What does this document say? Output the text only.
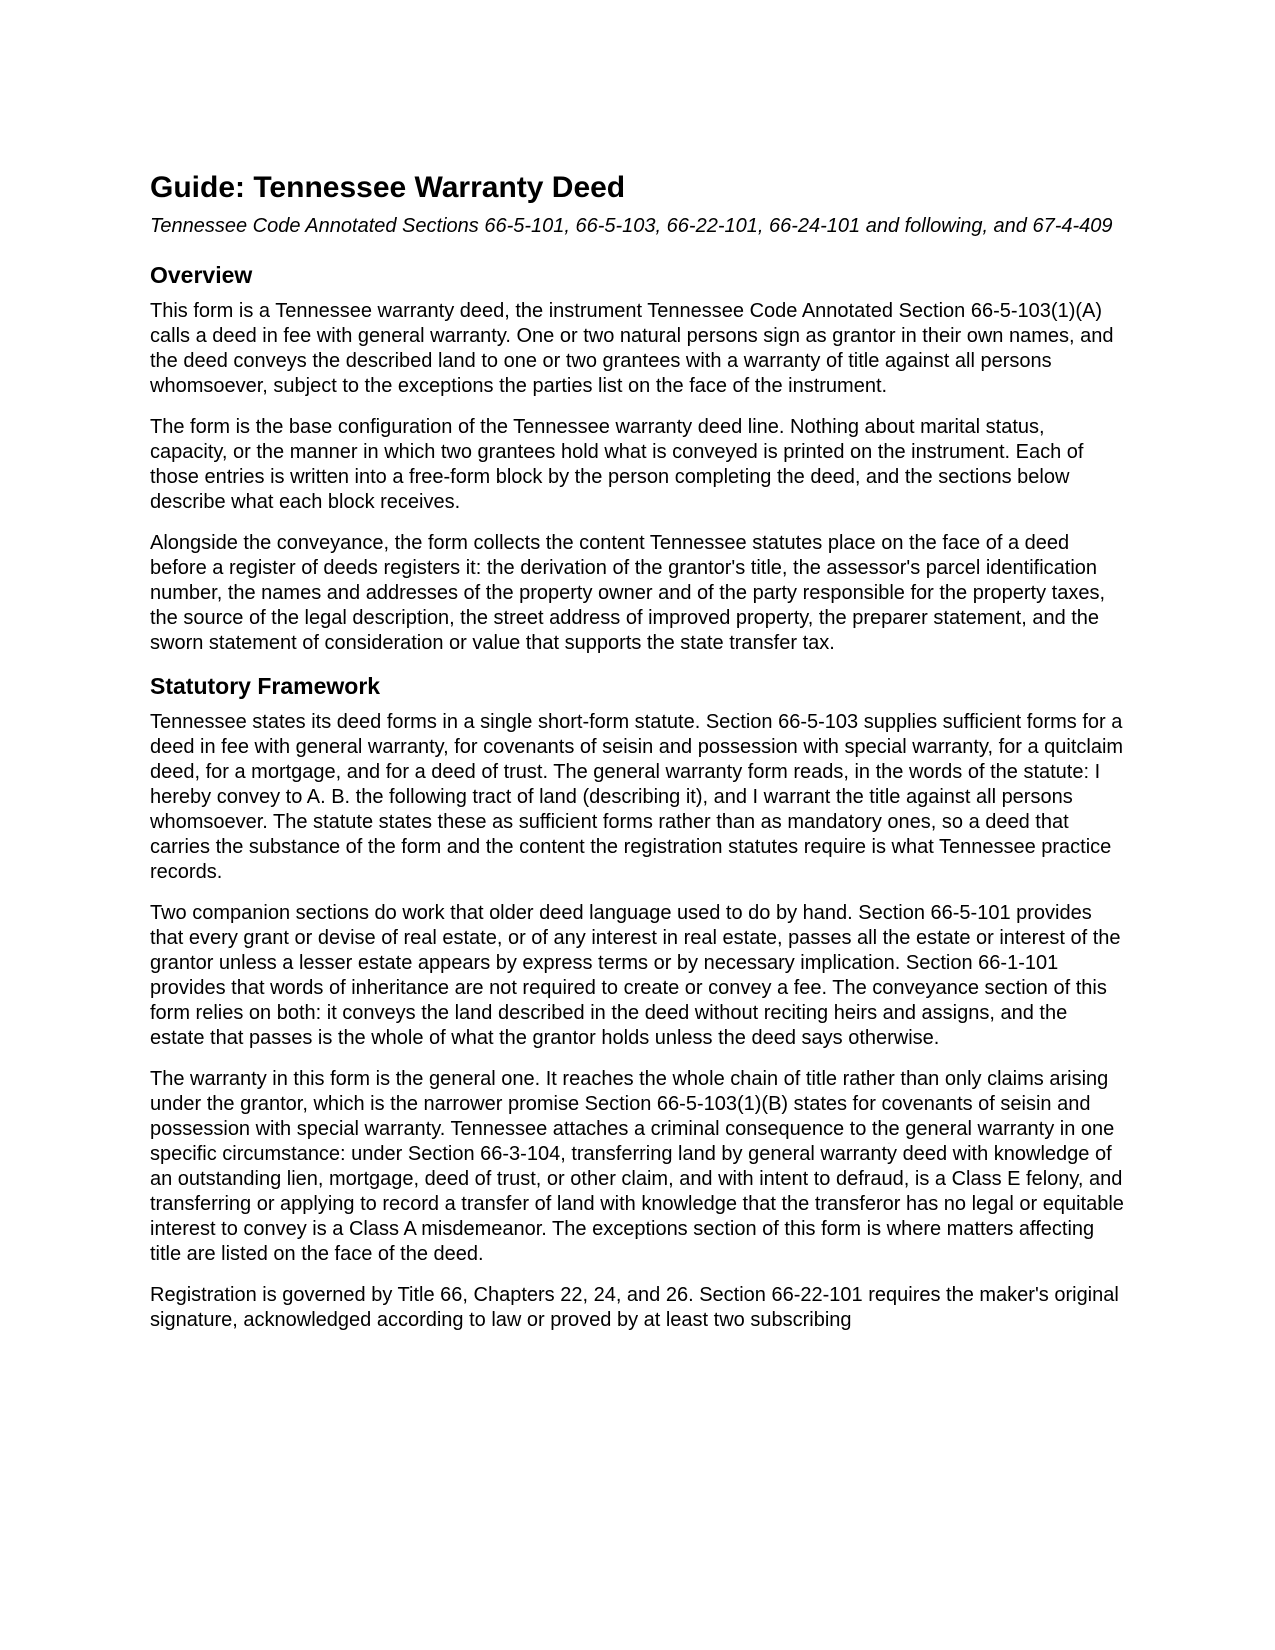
Guide: Tennessee Warranty Deed

Tennessee Code Annotated Sections 66-5-101, 66-5-103, 66-22-101, 66-24-101 and following, and 67-4-409

Overview

This form is a Tennessee warranty deed, the instrument Tennessee Code Annotated Section 66-5-103(1)(A) calls a deed in fee with general warranty. One or two natural persons sign as grantor in their own names, and the deed conveys the described land to one or two grantees with a warranty of title against all persons whomsoever, subject to the exceptions the parties list on the face of the instrument.

The form is the base configuration of the Tennessee warranty deed line. Nothing about marital status, capacity, or the manner in which two grantees hold what is conveyed is printed on the instrument. Each of those entries is written into a free-form block by the person completing the deed, and the sections below describe what each block receives.

Alongside the conveyance, the form collects the content Tennessee statutes place on the face of a deed before a register of deeds registers it: the derivation of the grantor's title, the assessor's parcel identification number, the names and addresses of the property owner and of the party responsible for the property taxes, the source of the legal description, the street address of improved property, the preparer statement, and the sworn statement of consideration or value that supports the state transfer tax.

Statutory Framework

Tennessee states its deed forms in a single short-form statute. Section 66-5-103 supplies sufficient forms for a deed in fee with general warranty, for covenants of seisin and possession with special warranty, for a quitclaim deed, for a mortgage, and for a deed of trust. The general warranty form reads, in the words of the statute: I hereby convey to A. B. the following tract of land (describing it), and I warrant the title against all persons whomsoever. The statute states these as sufficient forms rather than as mandatory ones, so a deed that carries the substance of the form and the content the registration statutes require is what Tennessee practice records.

Two companion sections do work that older deed language used to do by hand. Section 66-5-101 provides that every grant or devise of real estate, or of any interest in real estate, passes all the estate or interest of the grantor unless a lesser estate appears by express terms or by necessary implication. Section 66-1-101 provides that words of inheritance are not required to create or convey a fee. The conveyance section of this form relies on both: it conveys the land described in the deed without reciting heirs and assigns, and the estate that passes is the whole of what the grantor holds unless the deed says otherwise.

The warranty in this form is the general one. It reaches the whole chain of title rather than only claims arising under the grantor, which is the narrower promise Section 66-5-103(1)(B) states for covenants of seisin and possession with special warranty. Tennessee attaches a criminal consequence to the general warranty in one specific circumstance: under Section 66-3-104, transferring land by general warranty deed with knowledge of an outstanding lien, mortgage, deed of trust, or other claim, and with intent to defraud, is a Class E felony, and transferring or applying to record a transfer of land with knowledge that the transferor has no legal or equitable interest to convey is a Class A misdemeanor. The exceptions section of this form is where matters affecting title are listed on the face of the deed.

Registration is governed by Title 66, Chapters 22, 24, and 26. Section 66-22-101 requires the maker's original signature, acknowledged according to law or proved by at least two subscribing
